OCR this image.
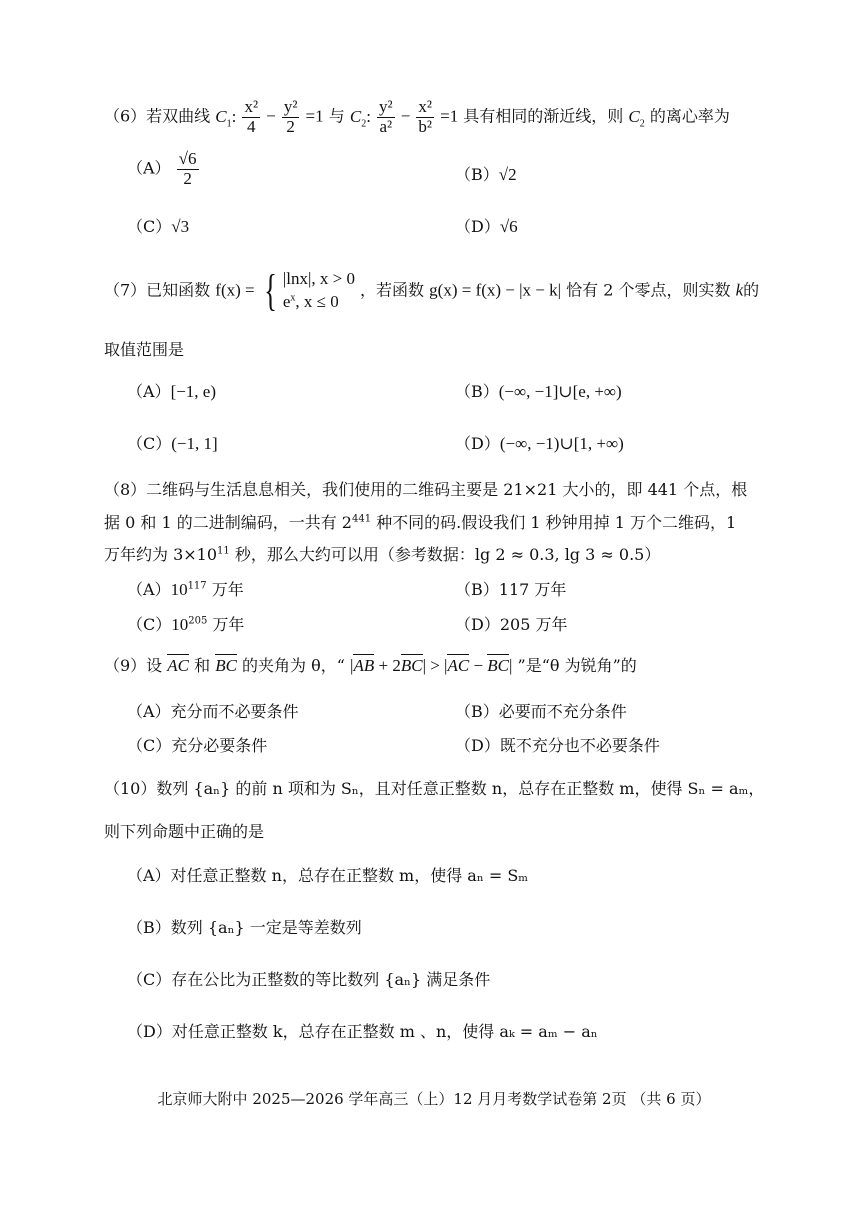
（6）若双曲线 $C_1$: $\frac{\text{x²}}{4} - \frac{\text{y²}}{2} =1$ 与 $C_2$: $\frac{\text{y²}}{\text{a²}} - \frac{\text{x²}}{\text{b²}} =1$ 具有相同的渐近线，则 $C_2$ 的离心率为
$(A) \frac{√6}{2}$	（B）√2
（C）√3	（D）√6
（7）已知函数 f(x) = { |lnx|, x > 0
$e^x$, x ≤ 0
，若函数 g(x) = f(x) − |x − k| 恰有 2 个零点，则实数 k的
取值范围是
（A）[−1, e)	（B）(−∞, −1]∪[e, +∞)
（C）(−1, 1]	（D）(−∞, −1)∪[1, +∞)
（8）二维码与生活息息相关，我们使用的二维码主要是 21×21 大小的，即 441 个点，根
据 0 和 1 的二进制编码，一共有 $2^{441}$ 种不同的码.假设我们 1 秒钟用掉 1 万个二维码，1
万年约为 $3\times 10^{11}$ 秒，那么大约可以用（参考数据：lg 2 ≈ 0.3, lg 3 ≈ 0.5）
$(A)10^{117}$ 万年	（B）117 万年
$(C)10^{205}$ 万年	（D）205 万年
（9）设 AC 和 BC 的夹角为 θ，“ |AB + 2BC| > |AC − BC| ”是“θ 为锐角”的
（A）充分而不必要条件	（B）必要而不充分条件
（C）充分必要条件	（D）既不充分也不必要条件
（10）数列 {aₙ} 的前 n 项和为 Sₙ，且对任意正整数 n，总存在正整数 m，使得 Sₙ = aₘ，
则下列命题中正确的是
（A）对任意正整数 n，总存在正整数 m，使得 aₙ = Sₘ
（B）数列 {aₙ} 一定是等差数列
（C）存在公比为正整数的等比数列 {aₙ} 满足条件
（D）对任意正整数 k，总存在正整数 m 、n，使得 aₖ = aₘ − aₙ
北京师大附中 2025—2026 学年高三（上）12 月月考数学试卷第 2页 （共 6 页）
